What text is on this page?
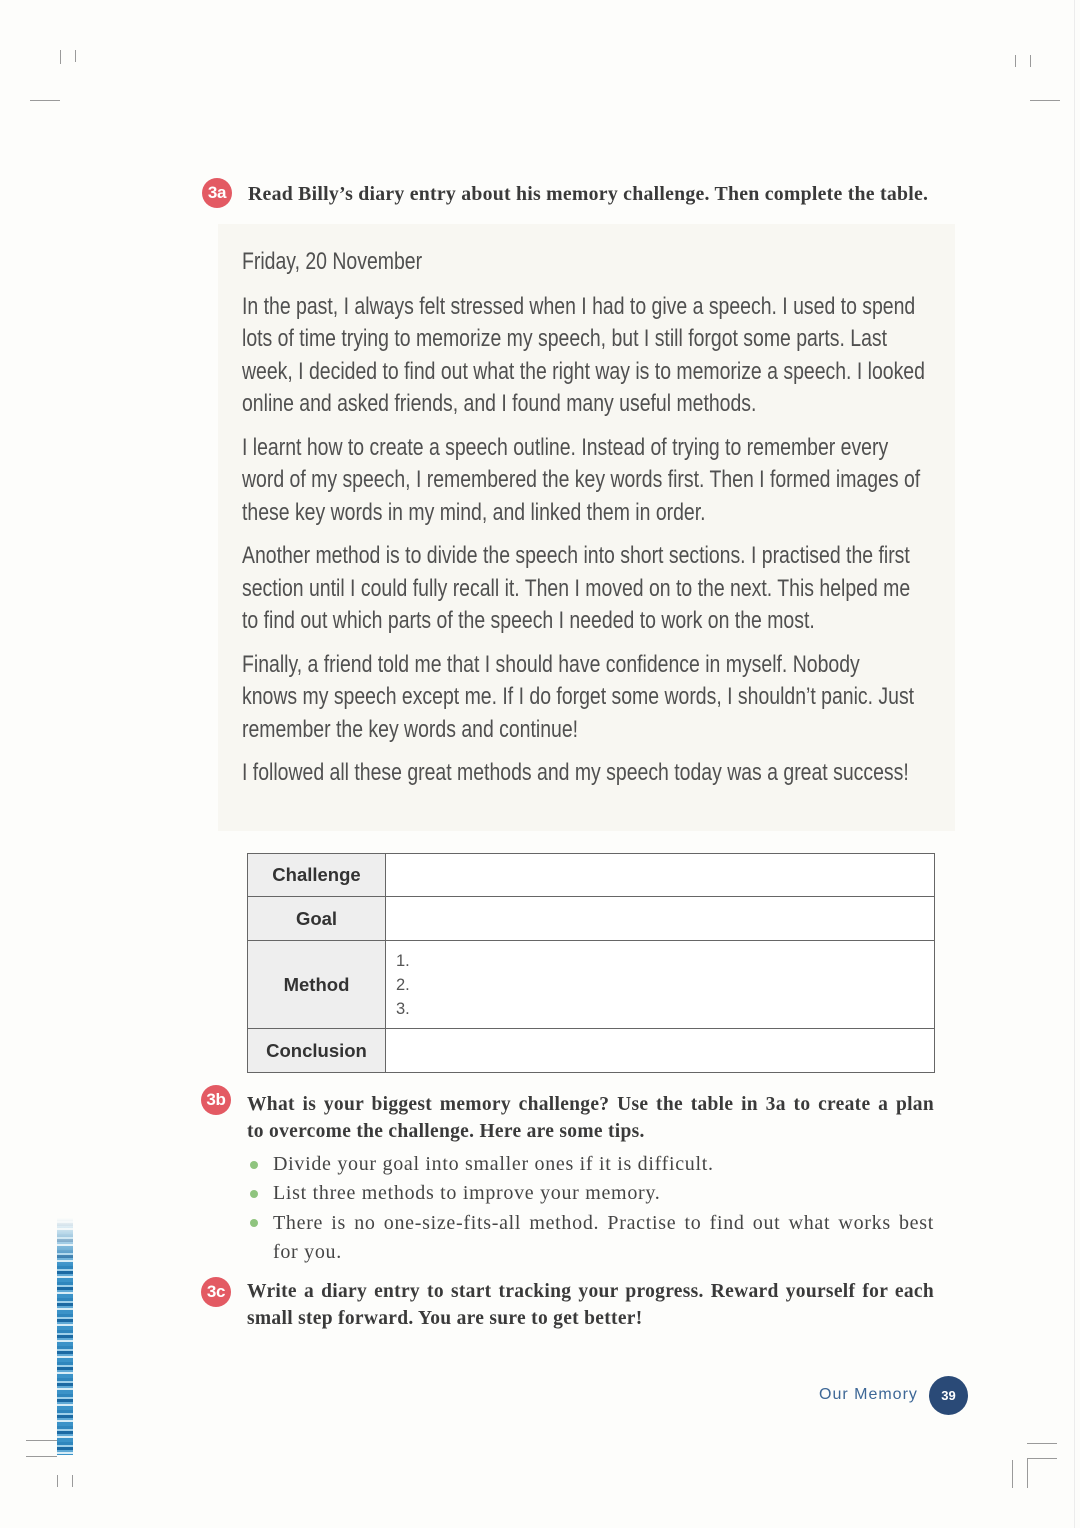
3a Read Billy’s diary entry about his memory challenge. Then complete the table.
Friday, 20 November
In the past, I always felt stressed when I had to give a speech. I used to spend
lots of time trying to memorize my speech, but I still forgot some parts. Last
week, I decided to find out what the right way is to memorize a speech. I looked
online and asked friends, and I found many useful methods.
I learnt how to create a speech outline. Instead of trying to remember every
word of my speech, I remembered the key words first. Then I formed images of
these key words in my mind, and linked them in order.
Another method is to divide the speech into short sections. I practised the first
section until I could fully recall it. Then I moved on to the next. This helped me
to find out which parts of the speech I needed to work on the most.
Finally, a friend told me that I should have confidence in myself. Nobody
knows my speech except me. If I do forget some words, I shouldn’t panic. Just
remember the key words and continue!
I followed all these great methods and my speech today was a great success!
Challenge	
Goal	
Method	1.
2.
3.

Conclusion	
3b What is your biggest memory challenge? Use the table in 3a to create a plan
to overcome the challenge. Here are some tips.
Divide your goal into smaller ones if it is difficult.
List three methods to improve your memory.
There is no one-size-fits-all method. Practise to find out what works best
for you.
3c Write a diary entry to start tracking your progress. Reward yourself for each
small step forward. You are sure to get better!
Our Memory	39
